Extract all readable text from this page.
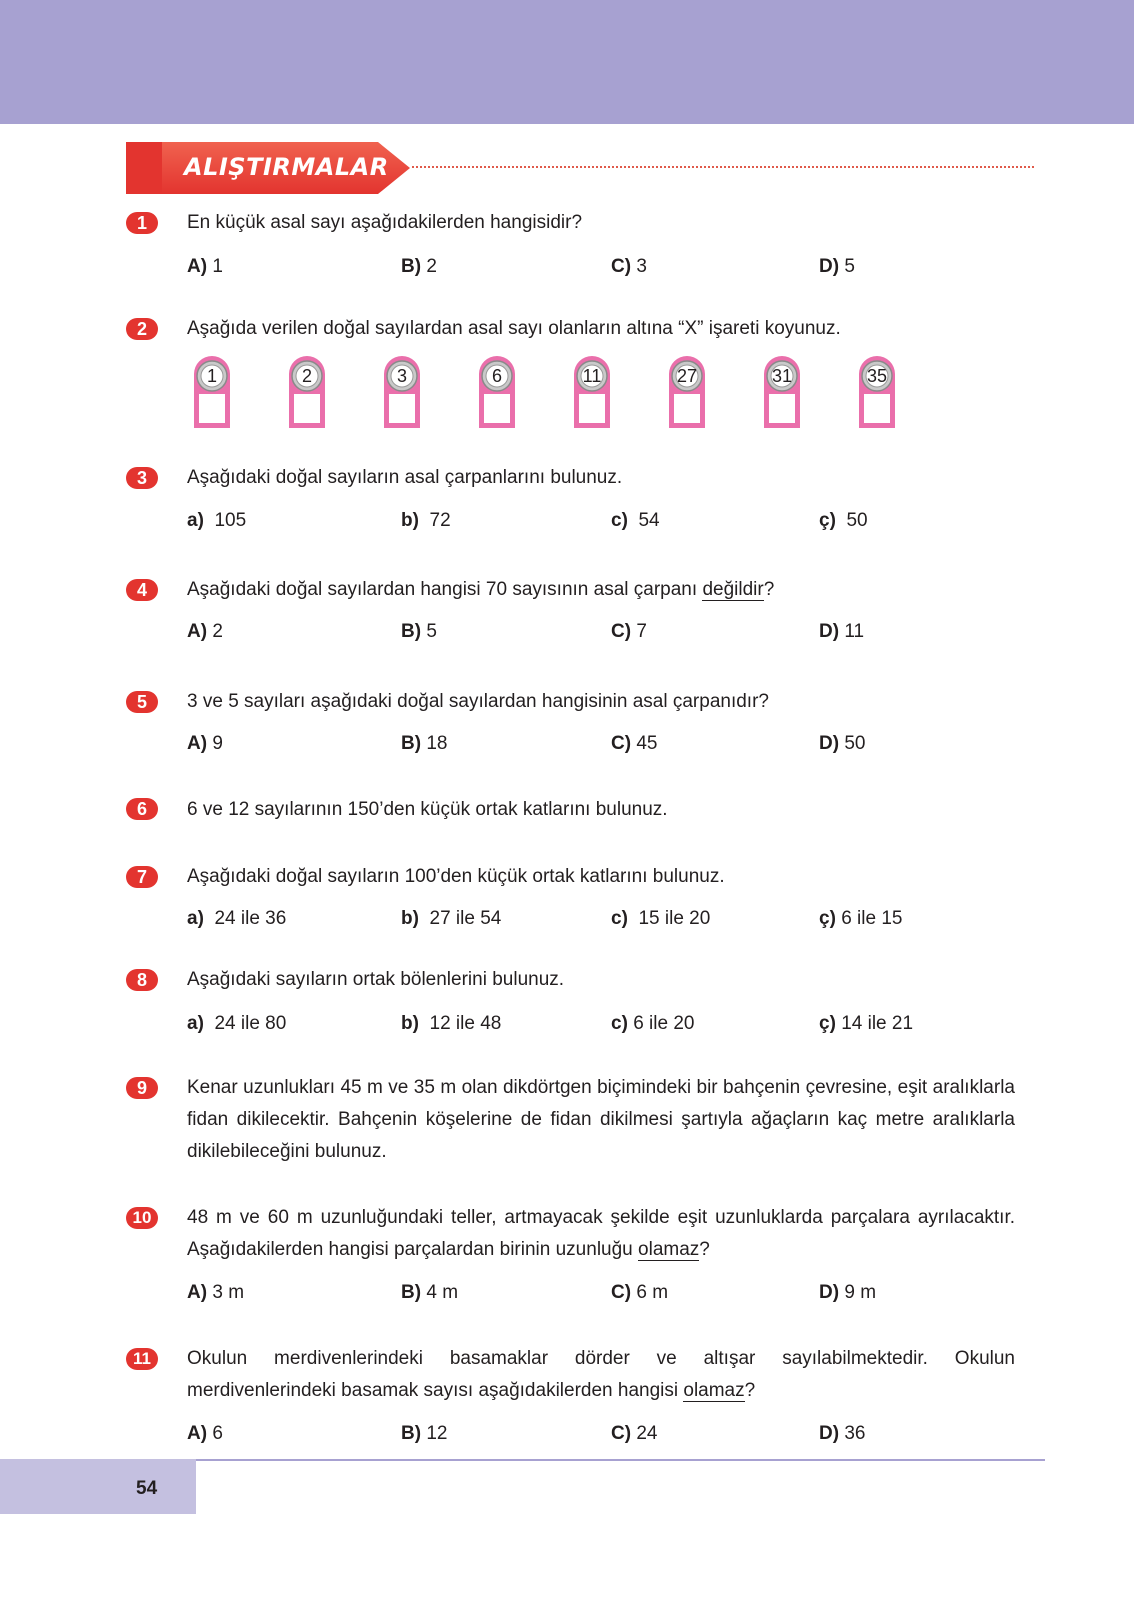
ALIŞTIRMALAR
1	En küçük asal sayı aşağıdakilerden hangisidir?
A) 1	B) 2	C) 3	D) 5
2	Aşağıda verilen doğal sayılardan asal sayı olanların altına “X” işareti koyunuz.
1	2	3	6	11	27	31	35
3	Aşağıdaki doğal sayıların asal çarpanlarını bulunuz.
a) 105	b) 72	c) 54	ç) 50
4	Aşağıdaki doğal sayılardan hangisi 70 sayısının asal çarpanı değildir?
A) 2	B) 5	C) 7	D) 11
5	3 ve 5 sayıları aşağıdaki doğal sayılardan hangisinin asal çarpanıdır?
A) 9	B) 18	C) 45	D) 50
6	6 ve 12 sayılarının 150’den küçük ortak katlarını bulunuz.
7	Aşağıdaki doğal sayıların 100’den küçük ortak katlarını bulunuz.
a) 24 ile 36	b) 27 ile 54	c) 15 ile 20	ç) 6 ile 15
8	Aşağıdaki sayıların ortak bölenlerini bulunuz.
a) 24 ile 80	b) 12 ile 48	c) 6 ile 20	ç) 14 ile 21
9	Kenar uzunlukları 45 m ve 35 m olan dikdörtgen biçimindeki bir bahçenin çevresine, eşit aralıklarla fidan dikilecektir. Bahçenin köşelerine de fidan dikilmesi şartıyla ağaçların kaç metre aralıklarla dikilebileceğini bulunuz.
10	48 m ve 60 m uzunluğundaki teller, artmayacak şekilde eşit uzunluklarda parçalara ayrılacaktır. Aşağıdakilerden hangisi parçalardan birinin uzunluğu olamaz?
A) 3 m	B) 4 m	C) 6 m	D) 9 m
11	Okulun merdivenlerindeki basamaklar dörder ve altışar sayılabilmektedir. Okulun merdivenlerindeki basamak sayısı aşağıdakilerden hangisi olamaz?
A) 6	B) 12	C) 24	D) 36
54
